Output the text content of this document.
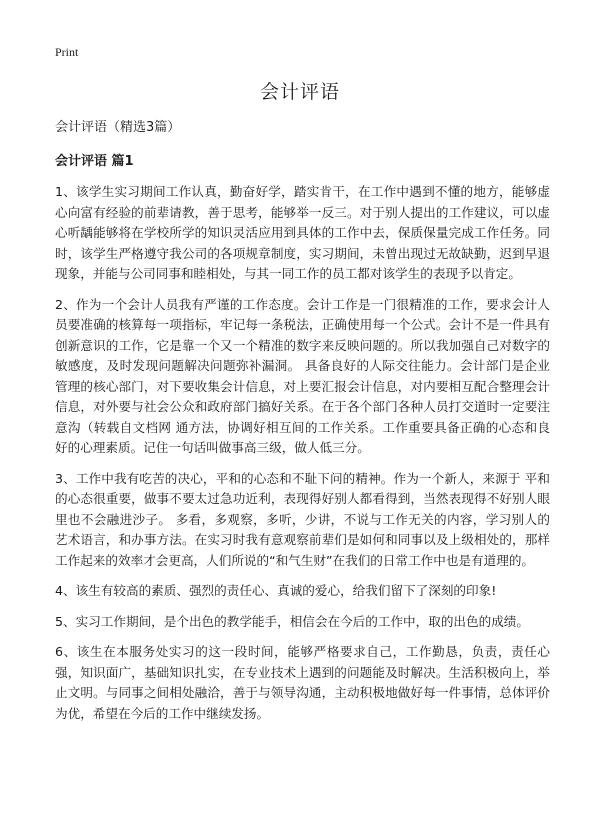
Print
会计评语
会计评语（精选3篇）
会计评语 篇1

1、该学生实习期间工作认真，勤奋好学，踏实肯干，在工作中遇到不懂的地方，能够虚心向富有经验的前辈请教，善于思考，能够举一反三。对于别人提出的工作建议，可以虚心听龋能够将在学校所学的知识灵活应用到具体的工作中去，保质保量完成工作任务。同时，该学生严格遵守我公司的各项规章制度，实习期间，未曾出现过无故缺勤，迟到早退现象，并能与公司同事和睦相处，与其一同工作的员工都对该学生的表现予以肯定。

2、作为一个会计人员我有严谨的工作态度。会计工作是一门很精准的工作，要求会计人员要准确的核算每一项指标，牢记每一条税法，正确使用每一个公式。会计不是一件具有创新意识的工作，它是靠一个又一个精准的数字来反映问题的。所以我加强自己对数字的敏感度，及时发现问题解决问题弥补漏洞。 具备良好的人际交往能力。会计部门是企业管理的核心部门，对下要收集会计信息，对上要汇报会计信息，对内要相互配合整理会计信息，对外要与社会公众和政府部门搞好关系。在于各个部门各种人员打交道时一定要注意沟（转载自文档网 通方法，协调好相互间的工作关系。工作重要具备正确的心态和良好的心理素质。记住一句话叫做事高三级，做人低三分。

3、工作中我有吃苦的决心，平和的心态和不耻下问的精神。作为一个新人，来源于 平和的心态很重要，做事不要太过急功近利，表现得好别人都看得到，当然表现得不好别人眼里也不会融进沙子。 多看，多观察，多听，少讲，不说与工作无关的内容，学习别人的艺术语言，和办事方法。在实习时我有意观察前辈们是如何和同事以及上级相处的，那样工作起来的效率才会更高，人们所说的“和气生财”在我们的日常工作中也是有道理的。

4、该生有较高的素质、强烈的责任心、真诚的爱心，给我们留下了深刻的印象!

5、实习工作期间，是个出色的教学能手，相信会在今后的工作中，取的出色的成绩。

6、该生在本服务处实习的这一段时间，能够严格要求自己，工作勤恳，负责，责任心强，知识面广，基础知识扎实，在专业技术上遇到的问题能及时解决。生活积极向上，举止文明。与同事之间相处融洽，善于与领导沟通，主动积极地做好每一件事情，总体评价为优，希望在今后的工作中继续发扬。
